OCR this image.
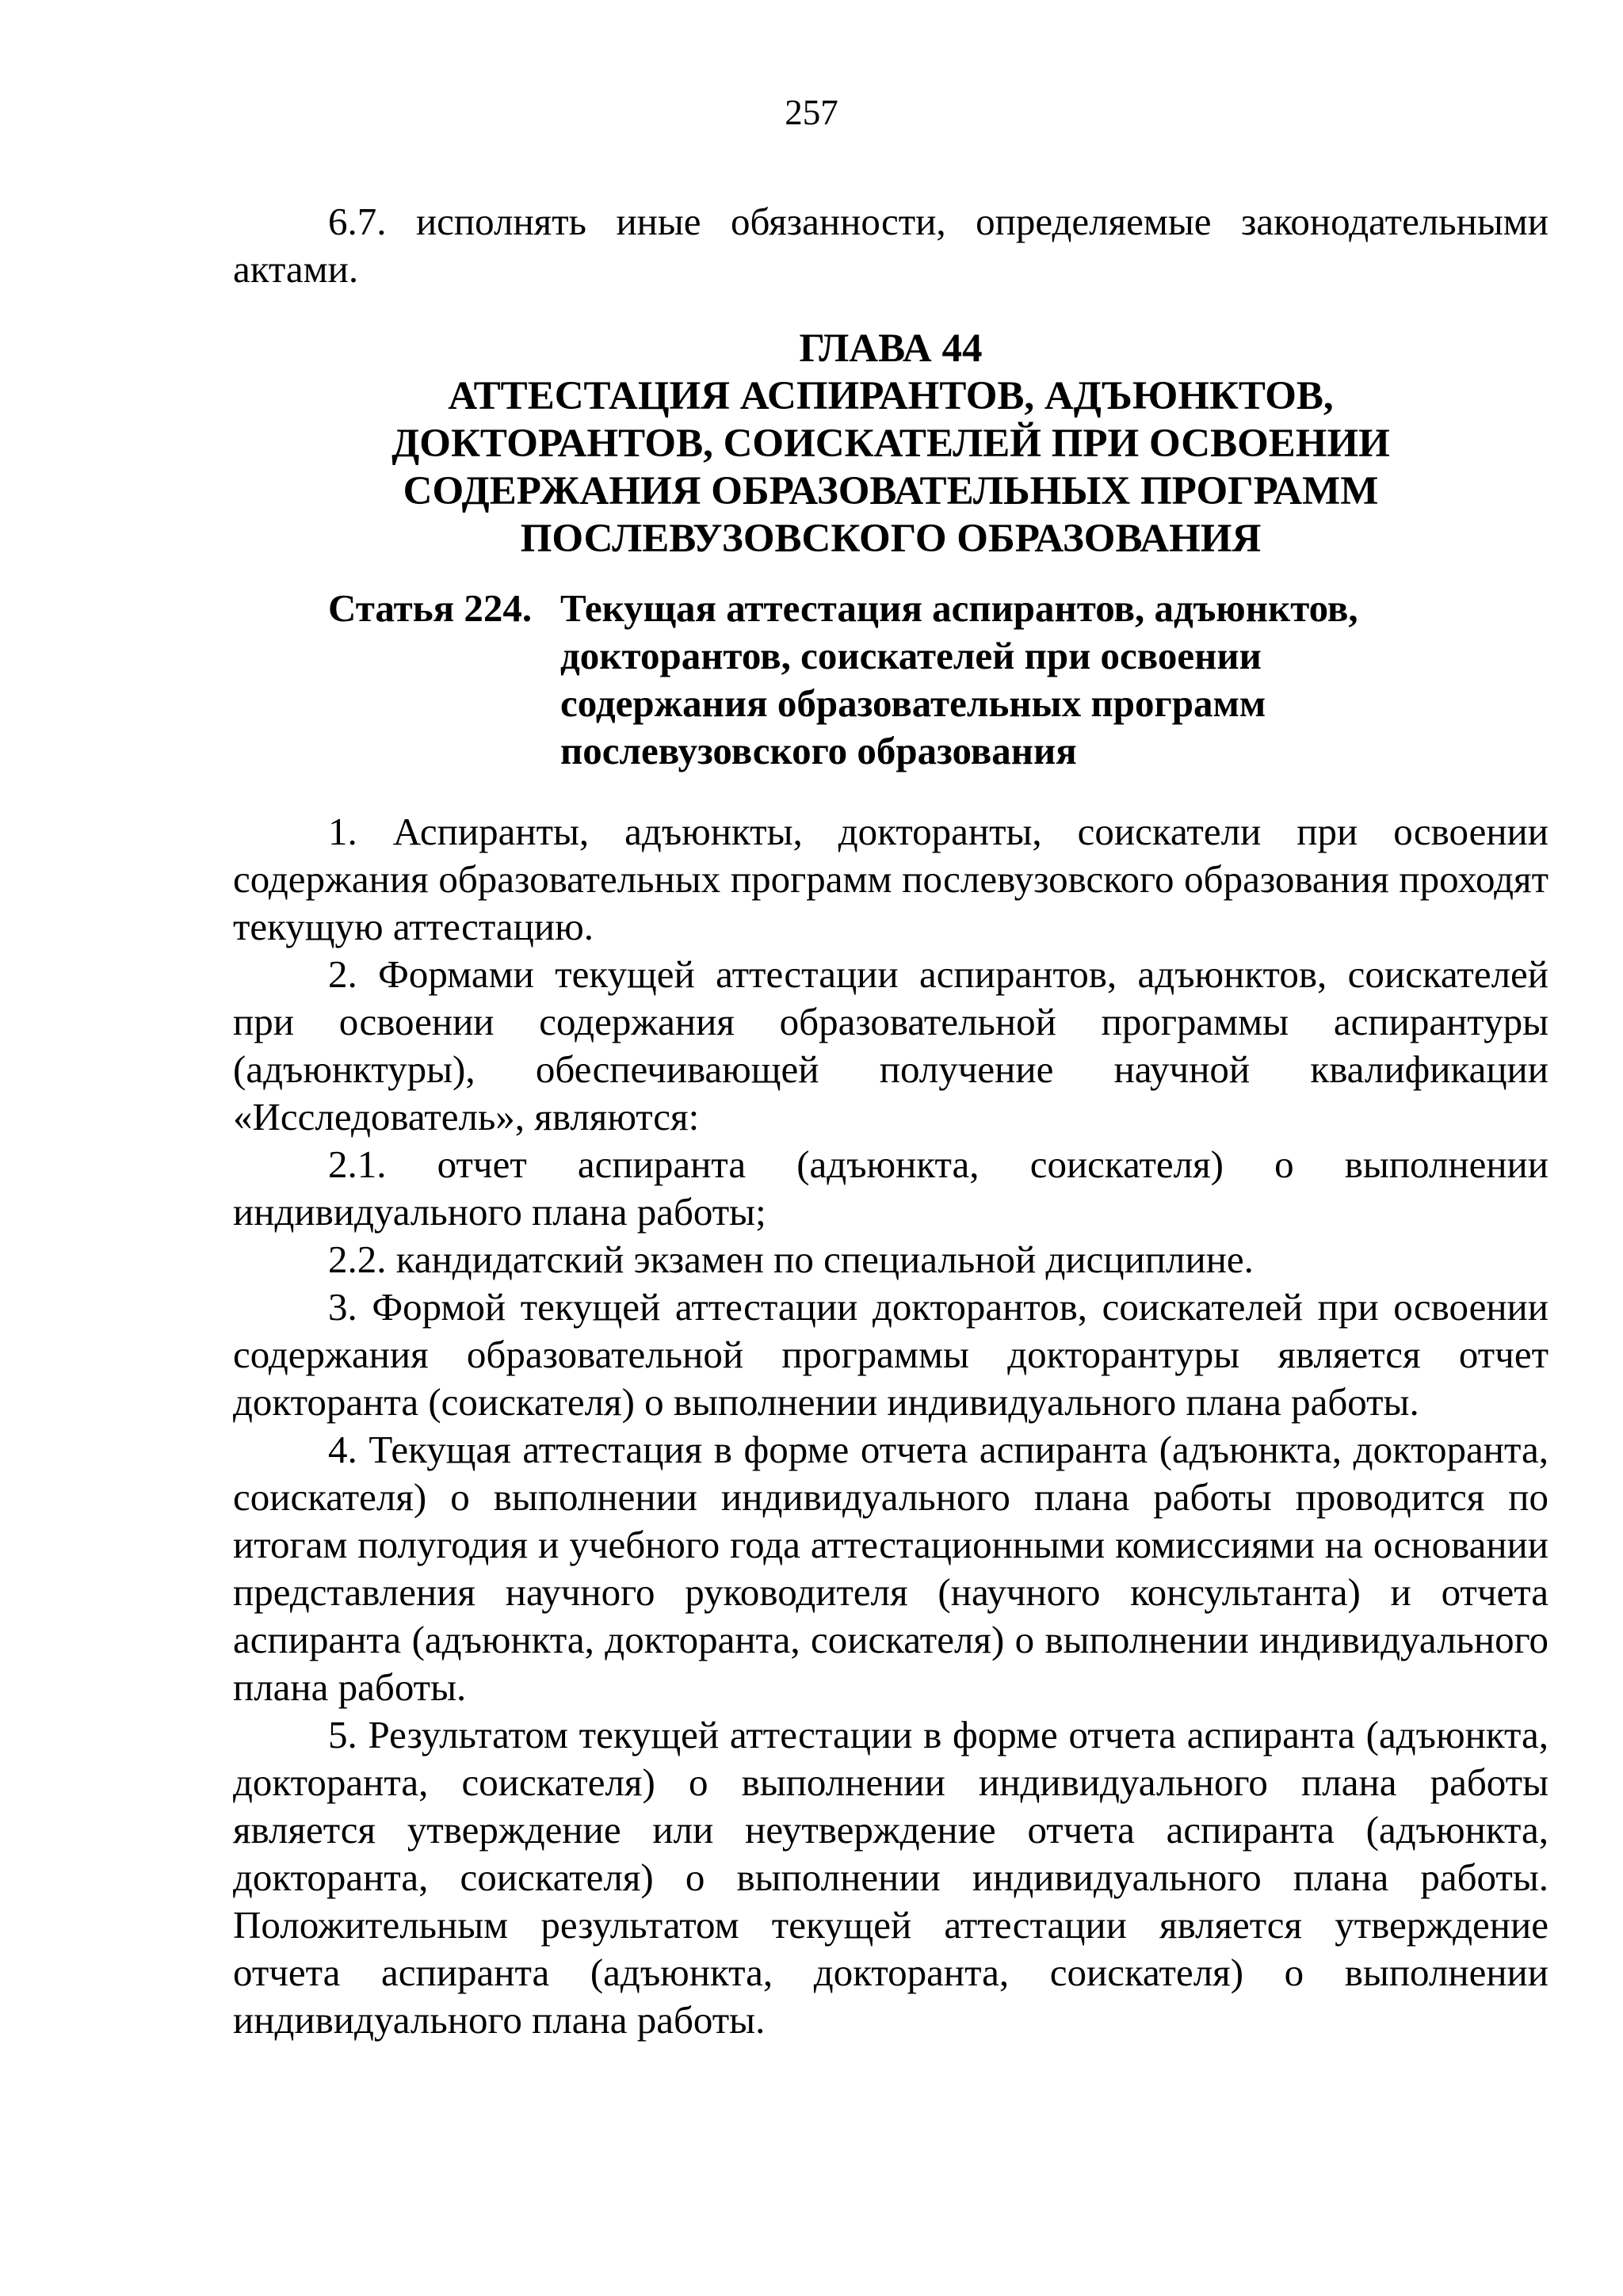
257

6.7. исполнять иные обязанности, определяемые законодательными актами.

ГЛАВА 44
АТТЕСТАЦИЯ АСПИРАНТОВ, АДЪЮНКТОВ,
ДОКТОРАНТОВ, СОИСКАТЕЛЕЙ ПРИ ОСВОЕНИИ
СОДЕРЖАНИЯ ОБРАЗОВАТЕЛЬНЫХ ПРОГРАММ
ПОСЛЕВУЗОВСКОГО ОБРАЗОВАНИЯ
Статья 224. Текущая аттестация аспирантов, адъюнктов,
докторантов, соискателей при освоении
содержания образовательных программ
послевузовского образования

1. Аспиранты, адъюнкты, докторанты, соискатели при освоении содержания образовательных программ послевузовского образования проходят текущую аттестацию.

2. Формами текущей аттестации аспирантов, адъюнктов, соискателей при освоении содержания образовательной программы аспирантуры (адъюнктуры), обеспечивающей получение научной квалификации «Исследователь», являются:

2.1. отчет аспиранта (адъюнкта, соискателя) о выполнении индивидуального плана работы;

2.2. кандидатский экзамен по специальной дисциплине.

3. Формой текущей аттестации докторантов, соискателей при освоении содержания образовательной программы докторантуры является отчет докторанта (соискателя) о выполнении индивидуального плана работы.

4. Текущая аттестация в форме отчета аспиранта (адъюнкта, докторанта, соискателя) о выполнении индивидуального плана работы проводится по итогам полугодия и учебного года аттестационными комиссиями на основании представления научного руководителя (научного консультанта) и отчета аспиранта (адъюнкта, докторанта, соискателя) о выполнении индивидуального плана работы.

5. Результатом текущей аттестации в форме отчета аспиранта (адъюнкта, докторанта, соискателя) о выполнении индивидуального плана работы является утверждение или неутверждение отчета аспиранта (адъюнкта, докторанта, соискателя) о выполнении индивидуального плана работы. Положительным результатом текущей аттестации является утверждение отчета аспиранта (адъюнкта, докторанта, соискателя) о выполнении индивидуального плана работы.
